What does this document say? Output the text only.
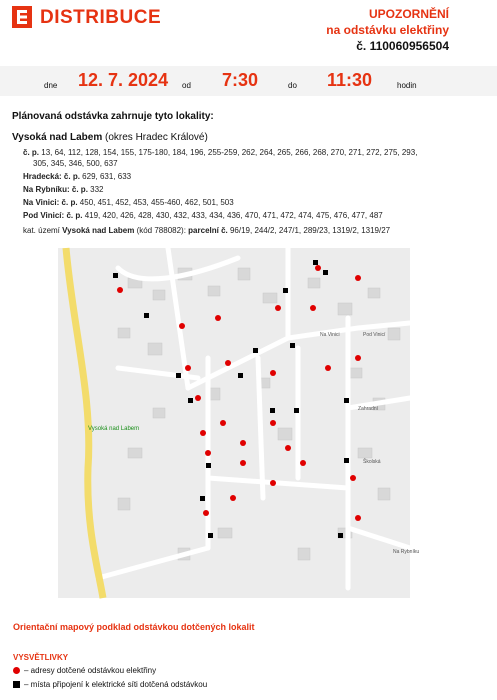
DISTRIBUCE	UPOZORNĚNÍ
na odstávku elektřiny
č. 110060956504
dne 12. 7. 2024 od 7:30	do 11:30	hodin
Plánovaná odstávka zahrnuje tyto lokality:
Vysoká nad Labem (okres Hradec Králové)
č. p. 13, 64, 112, 128, 154, 155, 175-180, 184, 196, 255-259, 262, 264, 265, 266, 268, 270, 271, 272, 275, 293,
305, 345, 346, 500, 637
Hradecká: č. p. 629, 631, 633
Na Rybníku: č. p. 332
Na Vinici: č. p. 450, 451, 452, 453, 455-460, 462, 501, 503
Pod Vinicí: č. p. 419, 420, 426, 428, 430, 432, 433, 434, 436, 470, 471, 472, 474, 475, 476, 477, 487
kat. území Vysoká nad Labem (kód 788082): parcelní č. 96/19, 244/2, 247/1, 289/23, 1319/2, 1319/27
Vysoká nad Labem
Pod Vinicí
Zahradní
Na Vinici
Školská
Na Rybníku
Orientační mapový podklad odstávkou dotčených lokalit
VYSVĚTLIVKY
– adresy dotčené odstávkou elektřiny
– místa připojení k elektrické síti dotčená odstávkou
